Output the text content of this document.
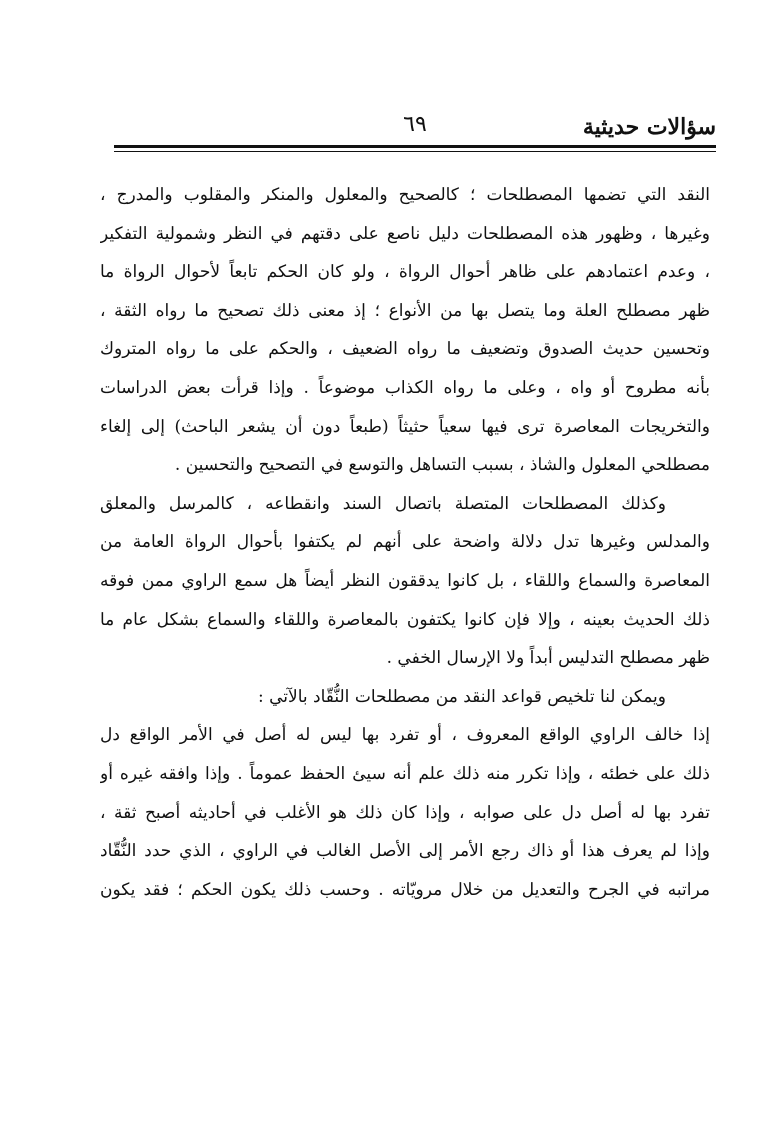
سؤالات حديثية
٦٩
النقد التي تضمها المصطلحات ؛ كالصحيح والمعلول والمنكر والمقلوب والمدرج ،
وغيرها ، وظهور هذه المصطلحات دليل ناصع على دقتهم في النظر وشمولية التفكير
، وعدم اعتمادهم على ظاهر أحوال الرواة ، ولو كان الحكم تابعاً لأحوال الرواة ما
ظهر مصطلح العلة وما يتصل بها من الأنواع ؛ إذ معنى ذلك تصحيح ما رواه الثقة ،
وتحسين حديث الصدوق وتضعيف ما رواه الضعيف ، والحكم على ما رواه المتروك
بأنه مطروح أو واه ، وعلى ما رواه الكذاب موضوعاً . وإذا قرأت بعض الدراسات
والتخريجات المعاصرة ترى فيها سعياً حثيثاً (طبعاً دون أن يشعر الباحث) إلى إلغاء
مصطلحي المعلول والشاذ ، بسبب التساهل والتوسع في التصحيح والتحسين .
وكذلك المصطلحات المتصلة باتصال السند وانقطاعه ، كالمرسل والمعلق
والمدلس وغيرها تدل دلالة واضحة على أنهم لم يكتفوا بأحوال الرواة العامة من
المعاصرة والسماع واللقاء ، بل كانوا يدققون النظر أيضاً هل سمع الراوي ممن فوقه
ذلك الحديث بعينه ، وإلا فإن كانوا يكتفون بالمعاصرة واللقاء والسماع بشكل عام ما
ظهر مصطلح التدليس أبداً ولا الإرسال الخفي .
ويمكن لنا تلخيص قواعد النقد من مصطلحات النُّقّاد بالآتي :
إذا خالف الراوي الواقع المعروف ، أو تفرد بها ليس له أصل في الأمر الواقع دل
ذلك على خطئه ، وإذا تكرر منه ذلك علم أنه سيئ الحفظ عموماً . وإذا وافقه غيره أو
تفرد بها له أصل دل على صوابه ، وإذا كان ذلك هو الأغلب في أحاديثه أصبح ثقة ،
وإذا لم يعرف هذا أو ذاك رجع الأمر إلى الأصل الغالب في الراوي ، الذي حدد النُّقّاد
مراتبه في الجرح والتعديل من خلال مرويّاته . وحسب ذلك يكون الحكم ؛ فقد يكون
